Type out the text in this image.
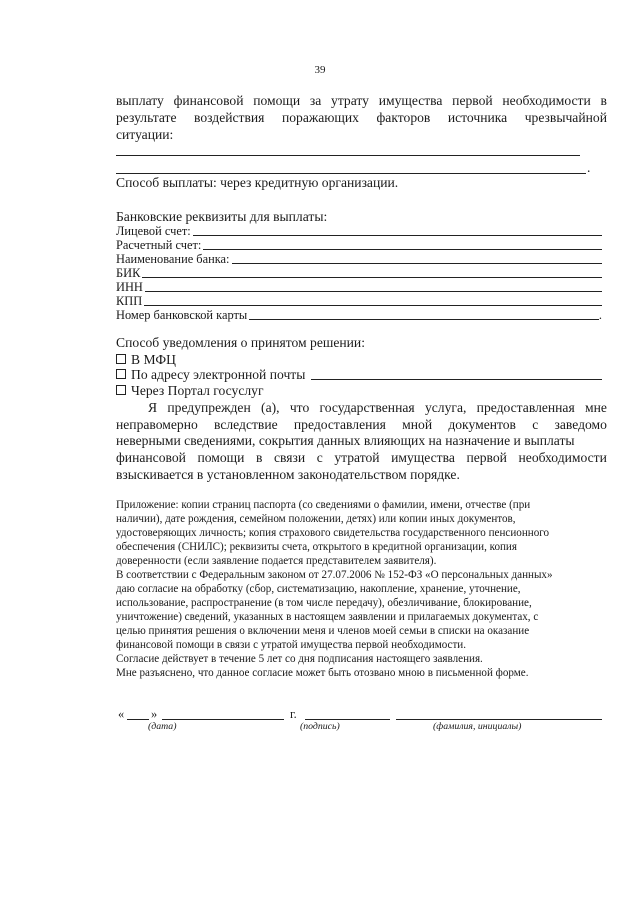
39
выплату финансовой помощи за утрату имущества первой необходимости в
результате воздействия поражающих факторов источника чрезвычайной
ситуации:
.
Способ выплаты: через кредитную организации.
Банковские реквизиты для выплаты:
Лицевой счет:
Расчетный счет:
Наименование банка:
БИК
ИНН
КПП
Номер банковской карты	.
Способ уведомления о принятом решении:
В МФЦ
По адресу электронной почты
Через Портал госуслуг
Я предупрежден (а), что государственная услуга, предоставленная мне
неправомерно вследствие предоставления мной документов с заведомо
неверными сведениями, сокрытия данных влияющих на назначение и выплаты
финансовой помощи в связи с утратой имущества первой необходимости
взыскивается в установленном законодательством порядке.
Приложение: копии страниц паспорта (со сведениями о фамилии, имени, отчестве (при
наличии), дате рождения, семейном положении, детях) или копии иных документов,
удостоверяющих личность; копия страхового свидетельства государственного пенсионного
обеспечения (СНИЛС); реквизиты счета, открытого в кредитной организации, копия
доверенности (если заявление подается представителем заявителя).
В соответствии с Федеральным законом от 27.07.2006 № 152-ФЗ «О персональных данных»
даю согласие на обработку (сбор, систематизацию, накопление, хранение, уточнение,
использование, распространение (в том числе передачу), обезличивание, блокирование,
уничтожение) сведений, указанных в настоящем заявлении и прилагаемых документах, с
целью принятия решения о включении меня и членов моей семьи в списки на оказание
финансовой помощи в связи с утратой имущества первой необходимости.
Согласие действует в течение 5 лет со дня подписания настоящего заявления.
Мне разъяснено, что данное согласие может быть отозвано мною в письменной форме.
« »	г.
(дата)	(подпись)	(фамилия, инициалы)
